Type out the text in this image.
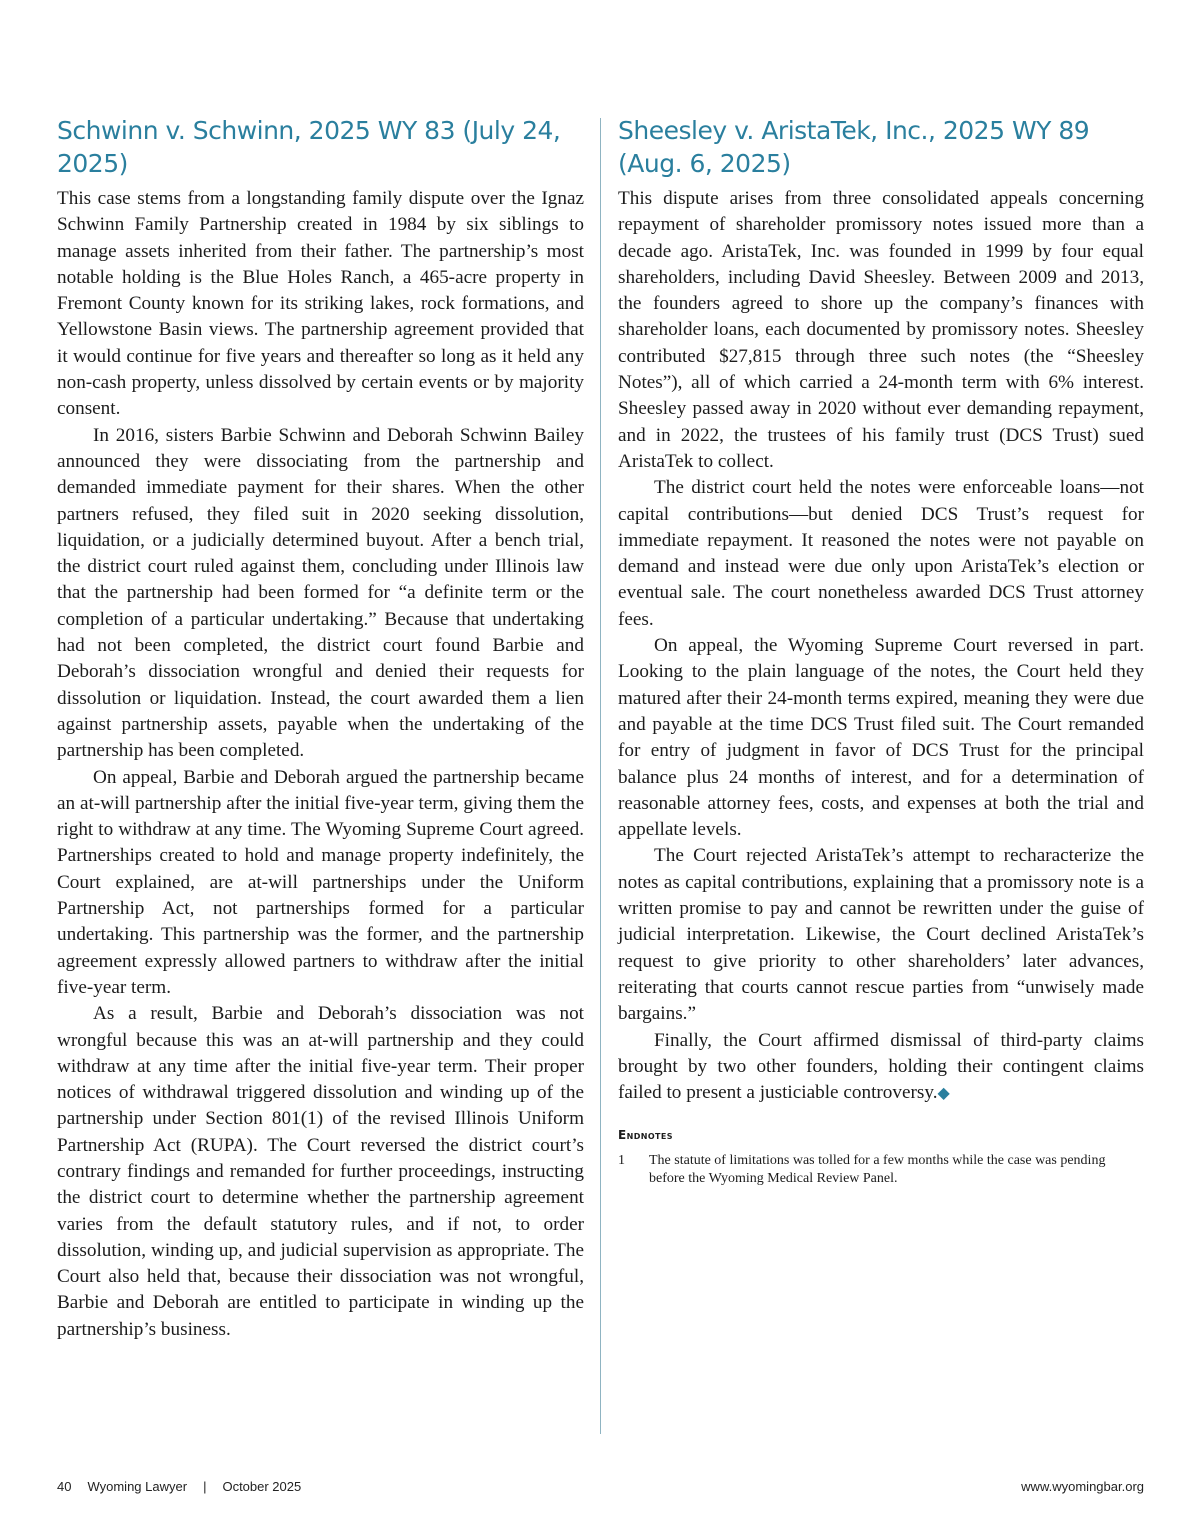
Schwinn v. Schwinn, 2025 WY 83 (July 24, 2025)

This case stems from a longstanding family dispute over the Ignaz Schwinn Family Partnership created in 1984 by six siblings to manage assets inherited from their father. The partnership’s most notable holding is the Blue Holes Ranch, a 465-acre property in Fremont County known for its striking lakes, rock formations, and Yellowstone Basin views. The partnership agreement provided that it would continue for five years and thereafter so long as it held any non-cash property, unless dissolved by certain events or by majority consent.

In 2016, sisters Barbie Schwinn and Deborah Schwinn Bailey announced they were dissociating from the partnership and demanded immediate payment for their shares. When the other partners refused, they filed suit in 2020 seeking dissolution, liquidation, or a judicially determined buyout. After a bench trial, the district court ruled against them, concluding under Illinois law that the partnership had been formed for “a definite term or the completion of a particular undertaking.” Because that undertaking had not been completed, the district court found Barbie and Deborah’s dissociation wrongful and denied their requests for dissolution or liquidation. Instead, the court awarded them a lien against partnership assets, payable when the undertaking of the partnership has been completed.

On appeal, Barbie and Deborah argued the partnership became an at-will partnership after the initial five-year term, giving them the right to withdraw at any time. The Wyoming Supreme Court agreed. Partnerships created to hold and manage property indefinitely, the Court explained, are at-will partnerships under the Uniform Partnership Act, not partnerships formed for a particular undertaking. This partnership was the former, and the partnership agreement expressly allowed partners to withdraw after the initial five-year term.

As a result, Barbie and Deborah’s dissociation was not wrongful because this was an at-will partnership and they could withdraw at any time after the initial five-year term. Their proper notices of withdrawal triggered dissolution and winding up of the partnership under Section 801(1) of the revised Illinois Uniform Partnership Act (RUPA). The Court reversed the district court’s contrary findings and remanded for further proceedings, instructing the district court to determine whether the partnership agreement varies from the default statutory rules, and if not, to order dissolution, winding up, and judicial supervision as appropriate. The Court also held that, because their dissociation was not wrongful, Barbie and Deborah are entitled to participate in winding up the partnership’s business.

Sheesley v. AristaTek, Inc., 2025 WY 89 (Aug. 6, 2025)

This dispute arises from three consolidated appeals concerning repayment of shareholder promissory notes issued more than a decade ago. AristaTek, Inc. was founded in 1999 by four equal shareholders, including David Sheesley. Between 2009 and 2013, the founders agreed to shore up the company’s finances with shareholder loans, each documented by promissory notes. Sheesley contributed $27,815 through three such notes (the “Sheesley Notes”), all of which carried a 24-month term with 6% interest. Sheesley passed away in 2020 without ever demanding repayment, and in 2022, the trustees of his family trust (DCS Trust) sued AristaTek to collect.

The district court held the notes were enforceable loans—not capital contributions—but denied DCS Trust’s request for immediate repayment. It reasoned the notes were not payable on demand and instead were due only upon AristaTek’s election or eventual sale. The court nonetheless awarded DCS Trust attorney fees.

On appeal, the Wyoming Supreme Court reversed in part. Looking to the plain language of the notes, the Court held they matured after their 24-month terms expired, meaning they were due and payable at the time DCS Trust filed suit. The Court remanded for entry of judgment in favor of DCS Trust for the principal balance plus 24 months of interest, and for a determination of reasonable attorney fees, costs, and expenses at both the trial and appellate levels.

The Court rejected AristaTek’s attempt to recharacterize the notes as capital contributions, explaining that a promissory note is a written promise to pay and cannot be rewritten under the guise of judicial interpretation. Likewise, the Court declined AristaTek’s request to give priority to other shareholders’ later advances, reiterating that courts cannot rescue parties from “unwisely made bargains.”

Finally, the Court affirmed dismissal of third-party claims brought by two other founders, holding their contingent claims failed to present a justiciable controversy.◆

Endnotes
1	The statute of limitations was tolled for a few months while the case was pending before the Wyoming Medical Review Panel.
40 Wyoming Lawyer | October 2025	www.wyomingbar.org
